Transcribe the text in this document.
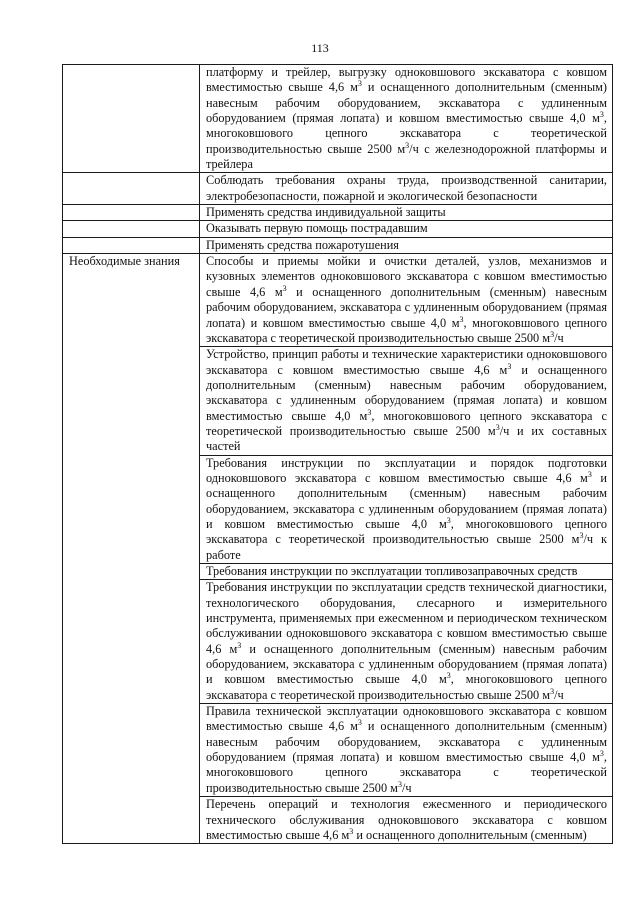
113
	платформу и трейлер, выгрузку одноковшового экскаватора с ковшом вместимостью свыше 4,6 $м^3$ и оснащенного дополнительным (сменным) навесным рабочим оборудованием, экскаватора с удлиненным оборудованием (прямая лопата) и ковшом вместимостью свыше 4,0 $м^3$, многоковшового цепного экскаватора с теоретической производительностью свыше 2500 $м^3/ч$ с железнодорожной платформы и трейлера
	Соблюдать требования охраны труда, производственной санитарии, электробезопасности, пожарной и экологической безопасности
	Применять средства индивидуальной защиты
	Оказывать первую помощь пострадавшим
	Применять средства пожаротушения
Необходимые знания	Способы и приемы мойки и очистки деталей, узлов, механизмов и кузовных элементов одноковшового экскаватора с ковшом вместимостью свыше 4,6 $м^3$ и оснащенного дополнительным (сменным) навесным рабочим оборудованием, экскаватора с удлиненным оборудованием (прямая лопата) и ковшом вместимостью свыше 4,0 $м^3$, многоковшового цепного экскаватора с теоретической производительностью свыше 2500 $м^3/ч$
	Устройство, принцип работы и технические характеристики одноковшового экскаватора с ковшом вместимостью свыше 4,6 $м^3$ и оснащенного дополнительным (сменным) навесным рабочим оборудованием, экскаватора с удлиненным оборудованием (прямая лопата) и ковшом вместимостью свыше 4,0 $м^3$, многоковшового цепного экскаватора с теоретической производительностью свыше 2500 $м^3/ч$ и их составных частей
	Требования инструкции по эксплуатации и порядок подготовки одноковшового экскаватора с ковшом вместимостью свыше 4,6 $м^3$ и оснащенного дополнительным (сменным) навесным рабочим оборудованием, экскаватора с удлиненным оборудованием (прямая лопата) и ковшом вместимостью свыше 4,0 $м^3$, многоковшового цепного экскаватора с теоретической производительностью свыше 2500 $м^3/ч$ к работе
	Требования инструкции по эксплуатации топливозаправочных средств
	Требования инструкции по эксплуатации средств технической диагностики, технологического оборудования, слесарного и измерительного инструмента, применяемых при ежесменном и периодическом техническом обслуживании одноковшового экскаватора с ковшом вместимостью свыше 4,6 $м^3$ и оснащенного дополнительным (сменным) навесным рабочим оборудованием, экскаватора с удлиненным оборудованием (прямая лопата) и ковшом вместимостью свыше 4,0 $м^3$, многоковшового цепного экскаватора с теоретической производительностью свыше 2500 $м^3/ч$
	Правила технической эксплуатации одноковшового экскаватора с ковшом вместимостью свыше 4,6 $м^3$ и оснащенного дополнительным (сменным) навесным рабочим оборудованием, экскаватора с удлиненным оборудованием (прямая лопата) и ковшом вместимостью свыше 4,0 $м^3$, многоковшового цепного экскаватора с теоретической производительностью свыше 2500 $м^3/ч$
	Перечень операций и технология ежесменного и периодического технического обслуживания одноковшового экскаватора с ковшом вместимостью свыше 4,6 $м^3$ и оснащенного дополнительным (сменным)
